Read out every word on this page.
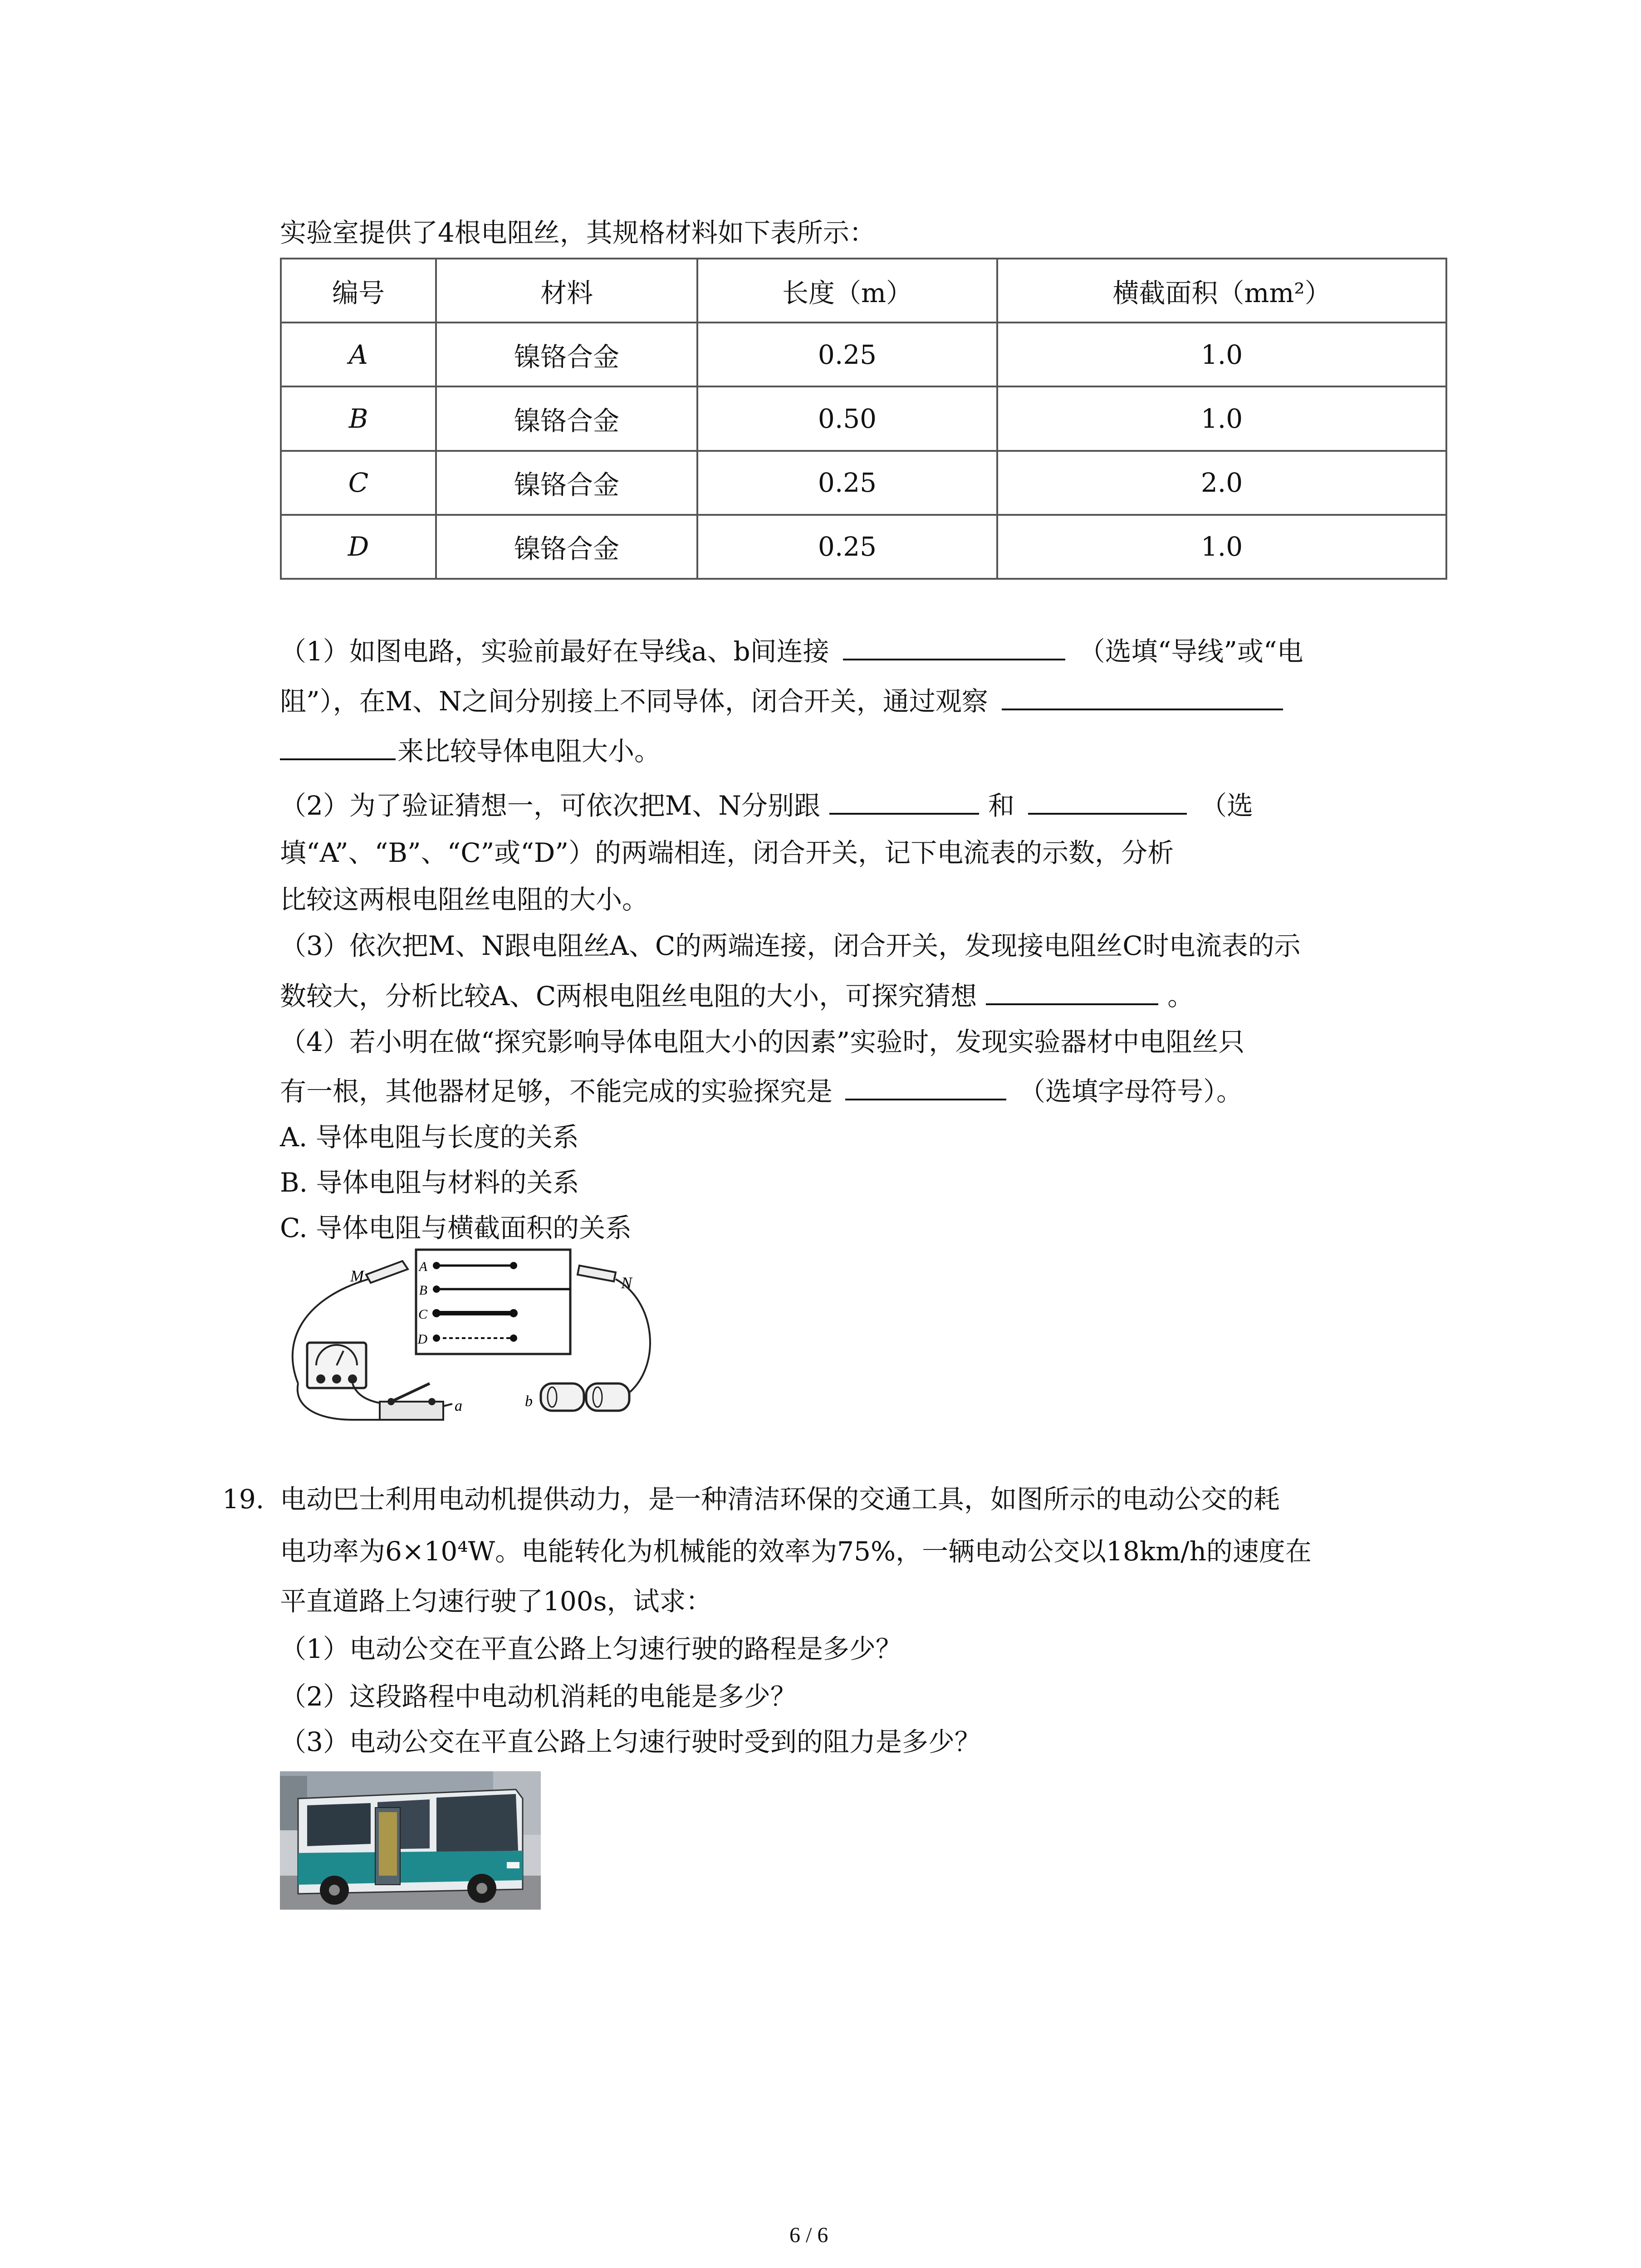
实验室提供了4根电阻丝，其规格材料如下表所示：
编号	材料	长度（m）	横截面积（mm²）
A	镍铬合金	0.25	1.0
B	镍铬合金	0.50	1.0
C	镍铬合金	0.25	2.0
D	镍铬合金	0.25	1.0
（1）如图电路，实验前最好在导线a、b间连接	（选填“导线”或“电
阻”），在M、N之间分别接上不同导体，闭合开关，通过观察
来比较导体电阻大小。
（2）为了验证猜想一，可依次把M、N分别跟	和	（选
填“A”、“B”、“C”或“D”）的两端相连，闭合开关，记下电流表的示数，分析
比较这两根电阻丝电阻的大小。
（3）依次把M、N跟电阻丝A、C的两端连接，闭合开关，发现接电阻丝C时电流表的示
数较大，分析比较A、C两根电阻丝电阻的大小，可探究猜想	。
（4）若小明在做“探究影响导体电阻大小的因素”实验时，发现实验器材中电阻丝只
有一根，其他器材足够，不能完成的实验探究是	（选填字母符号）。
A. 导体电阻与长度的关系
B. 导体电阻与材料的关系
C. 导体电阻与横截面积的关系
A
B
C
D
M	N
a	b
19. 电动巴士利用电动机提供动力，是一种清洁环保的交通工具，如图所示的电动公交的耗
电功率为6×10⁴W。电能转化为机械能的效率为75%，一辆电动公交以18km/h的速度在
平直道路上匀速行驶了100s，试求：
（1）电动公交在平直公路上匀速行驶的路程是多少？
（2）这段路程中电动机消耗的电能是多少？
（3）电动公交在平直公路上匀速行驶时受到的阻力是多少？
6 / 6
